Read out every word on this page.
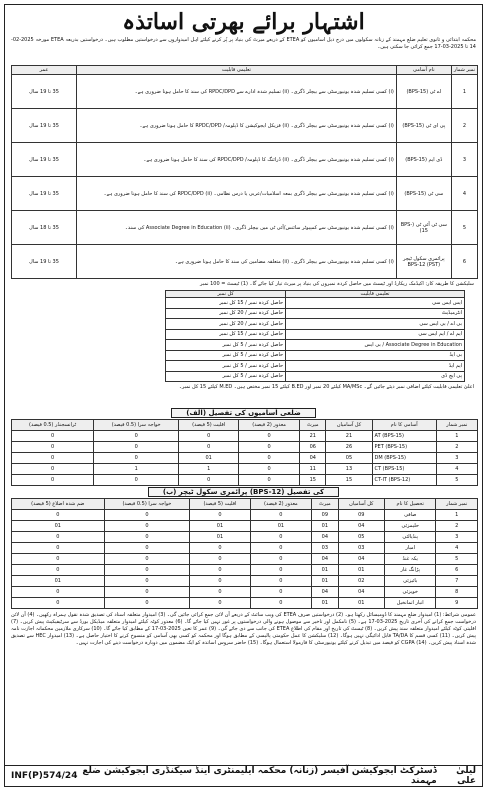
اشتہار برائے بھرتی اساتذہ
محکمہ ابتدائی و ثانوی تعلیم ضلع مہمند کے زنانہ سکولوں میں درج ذیل آسامیوں کو ETEA کے ذریعے میرٹ کی بنیاد پر پُر کرنے کیلئے اہل امیدواروں سے درخواستیں مطلوب ہیں۔ درخواستیں بذریعہ ETEA مورخہ 2025-02-14 تا 2025-03-17 جمع کرائی جا سکتی ہیں۔
نمبر شمار	نام آسامی	تعلیمی قابلیت	عمر
1	اے ٹی (BPS-15)	(i) کسی تسلیم شدہ یونیورسٹی سے بیچلر ڈگری۔ (ii) تسلیم شدہ ادارے سے RPDC/DPD کی سند کا حامل ہونا ضروری ہے۔	35 تا 19 سال
2	پی ای ٹی (BPS-15)	(i) کسی تسلیم شدہ یونیورسٹی سے بیچلر ڈگری۔ (ii) فزیکل ایجوکیشن کا ڈپلومہ/ RPDC/DPD کا حامل ہونا ضروری ہے۔	35 تا 19 سال
3	ڈی ایم (BPS-15)	(i) کسی تسلیم شدہ یونیورسٹی سے بیچلر ڈگری۔ (ii) ڈرائنگ کا ڈپلومہ/ RPDC/DPD کی سند کا حامل ہونا ضروری ہے۔	35 تا 19 سال
4	سی ٹی (BPS-15)	(i) کسی تسلیم شدہ یونیورسٹی سے بیچلر ڈگری بمعہ اسلامیات/عربی یا درس نظامی۔ (ii) RPDC/DPD کی سند کا حامل ہونا ضروری ہے۔	35 تا 19 سال
5	سی ٹی آئی ٹی (BPS-15)	(i) کسی تسلیم شدہ یونیورسٹی سے کمپیوٹر سائنس/آئی ٹی میں بیچلر ڈگری۔ (ii) Associate Degree in Education کی سند۔	35 تا 18 سال
6	پرائمری سکول ٹیچر (PST) BPS-12	(i) کسی تسلیم شدہ یونیورسٹی سے بیچلر ڈگری۔ (ii) متعلقہ مضامین کی سند کا حامل ہونا ضروری ہے۔	35 تا 19 سال
سلیکشن کا طریقہ کار: اکیڈمک ریکارڈ اور ٹیسٹ میں حاصل کردہ نمبروں کی بنیاد پر میرٹ تیار کیا جائے گا۔ (1) ٹیسٹ = 100 نمبر
تعلیمی قابلیت	کل نمبر
ایس ایس سی	حاصل کردہ نمبر / 15 کل نمبر
انٹرمیڈیٹ	حاصل کردہ نمبر / 20 کل نمبر
بی اے / بی ایس سی	حاصل کردہ نمبر / 20 کل نمبر
ایم اے / ایم ایس سی	حاصل کردہ نمبر / 15 کل نمبر
Associate Degree in Education / بی ایس	حاصل کردہ نمبر / 5 کل نمبر
بی ایڈ	حاصل کردہ نمبر / 5 کل نمبر
ایم ایڈ	حاصل کردہ نمبر / 5 کل نمبر
پی ایچ ڈی	حاصل کردہ نمبر / 5 کل نمبر
اعلیٰ تعلیمی قابلیت کیلئے اضافی نمبر دیئے جائیں گے۔ MA/MSc کیلئے 20 نمبر اور B.ED کیلئے 15 نمبر مختص ہیں۔ M.ED کیلئے 15 کل نمبر۔
(الف) ضلعی آسامیوں کی تفصیل
نمبر شمار	آسامی کا نام	کل آسامیاں	میرٹ	معذور (2 فیصد)	اقلیت (5 فیصد)	خواجہ سرا (0.5 فیصد)	ٹرانسجنڈر (0.5 فیصد)
1	AT (BPS-15)	21	21	0	0	0	0
2	PET (BPS-15)	26	06	0	0	0	0
3	DM (BPS-15)	05	04	0	01	0	0
4	CT (BPS-15)	13	11	0	1	1	0
5	CT-IT (BPS-12)	15	15	0	0	0	0
(ب) پرائمری سکول ٹیچر (BPS-12) کی تفصیل
نمبر شمار	تحصیل کا نام	کل آسامیاں	میرٹ	معذور (2 فیصد)	اقلیت (5 فیصد)	خواجہ سرا (0.5 فیصد)	ضم شدہ اضلاع (5 فیصد)
1	صافی	09	09	0	0	0	0
2	حلیمزئی	04	01	01	01	0	01
3	پنڈیالئی	05	04	0	01	0	0
4	امبار	03	03	0	0	0	0
5	یکہ غنڈ	04	04	0	0	0	0
6	پڑانگ غار	01	01	0	0	0	0
7	بائیزئی	02	01	0	0	0	01
8	خویزئی	04	04	0	0	0	0
9	انبار اتمانخیل	01	01	0	0	0	0
عمومی شرائط: (1) امیدوار ضلع مہمند کا ڈومیسائل رکھتا ہو۔ (2) درخواستیں صرف ETEA کی ویب سائٹ کے ذریعے آن لائن جمع کرائی جائیں گی۔ (3) امیدوار متعلقہ اسناد کی تصدیق شدہ نقول ہمراہ رکھیں۔ (4) آن لائن درخواست جمع کرانے کی آخری تاریخ 2025-03-17 ہے۔ (5) نامکمل اور تاخیر سے موصول ہونے والی درخواستوں پر غور نہیں کیا جائے گا۔ (6) معذور کوٹہ کیلئے امیدوار متعلقہ میڈیکل بورڈ سے سرٹیفیکیٹ پیش کریں۔ (7) اقلیتی کوٹہ کیلئے امیدوار متعلقہ سند پیش کریں۔ (8) ٹیسٹ کی تاریخ اور مقام کی اطلاع ETEA کی جانب سے دی جائے گی۔ (9) عمر کا تعین 2025-03-17 کے مطابق کیا جائے گا۔ (10) سرکاری ملازمین محکمانہ اجازت نامہ پیش کریں۔ (11) کسی قسم کا TA/DA قابل ادائیگی نہیں ہوگا۔ (12) سلیکشن کا عمل حکومتی پالیسی کے مطابق ہوگا اور محکمہ کو کسی بھی آسامی کو منسوخ کرنے کا اختیار حاصل ہے۔ (13) امیدوار HEC سے تصدیق شدہ اسناد پیش کریں۔ (14) CGPA کو فیصد میں تبدیل کرنے کیلئے یونیورسٹی کا فارمولا استعمال ہوگا۔ (15) حاضر سروس اساتذہ کو ایک مضمون میں دوبارہ درخواست دینے کی اجازت نہیں۔
لیلیٰ علی
ڈسٹرکٹ ایجوکیشن آفیسر (زنانہ) محکمہ ایلیمنٹری اینڈ سیکنڈری ایجوکیشن ضلع مہمند
INF(P)574/24
